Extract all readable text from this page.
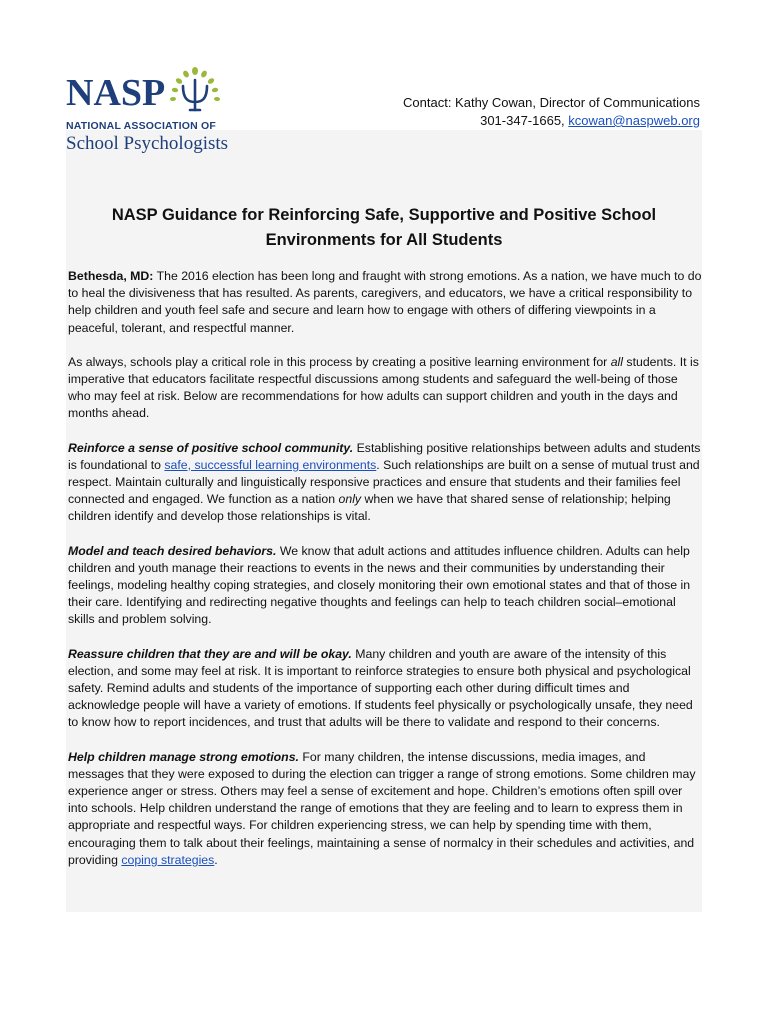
NASP
NATIONAL ASSOCIATION OF
School Psychologists
Contact: Kathy Cowan, Director of Communications
301-347-1665, kcowan@naspweb.org
NASP Guidance for Reinforcing Safe, Supportive and Positive School
Environments for All Students

Bethesda, MD: The 2016 election has been long and fraught with strong emotions. As a nation, we have much to do to heal the divisiveness that has resulted. As parents, caregivers, and educators, we have a critical responsibility to help children and youth feel safe and secure and learn how to engage with others of differing viewpoints in a peaceful, tolerant, and respectful manner.

As always, schools play a critical role in this process by creating a positive learning environment for all students. It is imperative that educators facilitate respectful discussions among students and safeguard the well-being of those who may feel at risk. Below are recommendations for how adults can support children and youth in the days and months ahead.

Reinforce a sense of positive school community. Establishing positive relationships between adults and students is foundational to safe, successful learning environments. Such relationships are built on a sense of mutual trust and respect. Maintain culturally and linguistically responsive practices and ensure that students and their families feel connected and engaged. We function as a nation only when we have that shared sense of relationship; helping children identify and develop those relationships is vital.

Model and teach desired behaviors. We know that adult actions and attitudes influence children. Adults can help children and youth manage their reactions to events in the news and their communities by understanding their feelings, modeling healthy coping strategies, and closely monitoring their own emotional states and that of those in their care. Identifying and redirecting negative thoughts and feelings can help to teach children social–emotional skills and problem solving.

Reassure children that they are and will be okay. Many children and youth are aware of the intensity of this election, and some may feel at risk. It is important to reinforce strategies to ensure both physical and psychological safety. Remind adults and students of the importance of supporting each other during difficult times and acknowledge people will have a variety of emotions. If students feel physically or psychologically unsafe, they need to know how to report incidences, and trust that adults will be there to validate and respond to their concerns.

Help children manage strong emotions. For many children, the intense discussions, media images, and messages that they were exposed to during the election can trigger a range of strong emotions. Some children may experience anger or stress. Others may feel a sense of excitement and hope. Children’s emotions often spill over into schools. Help children understand the range of emotions that they are feeling and to learn to express them in appropriate and respectful ways. For children experiencing stress, we can help by spending time with them, encouraging them to talk about their feelings, maintaining a sense of normalcy in their schedules and activities, and providing coping strategies.
